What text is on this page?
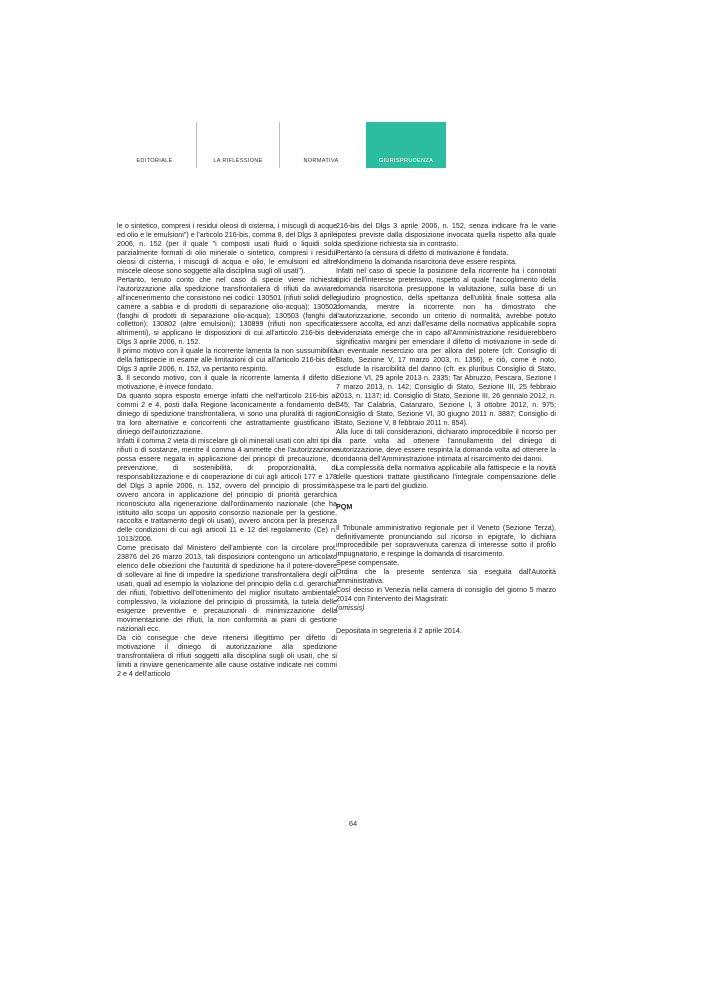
EDITORIALE	LA RIFLESSIONE	NORMATIVA	GIURISPRUDENZA

le o sintetico, compresi i residui oleosi di cisterna, i miscugli di acque ed olio e le emulsioni") e l'articolo 216-bis, comma 8, del Dlgs 3 aprile 2006, n. 152 (per il quale "i composti usati fluidi o liquidi solo parzialmente formati di olio minerale o sintetico, compresi i residui oleosi di cisterna, i miscugli di acqua e olio, le emulsioni ed altre miscele oleose sono soggette alla disciplina sugli oli usati").

Pertanto, tenuto conto che nel caso di specie viene richiesta l'autorizzazione alla spedizione transfrontaliera di rifiuti da avviare all'incenerimento che consistono nei codici: 130501 (rifiuti solidi delle camere a sabbia e di prodotti di separazione olio-acqua); 130502 (fanghi di prodotti di separazione olio-acqua); 130503 (fanghi da collettori); 130802 (altre emulsioni); 130899 (rifiuti non specificati altrimenti), si applicano le disposizioni di cui all'articolo 216-bis del Dlgs 3 aprile 2006, n. 152.

Il primo motivo con il quale la ricorrente lamenta la non sussumibilità della fattispecie in esame alle limitazioni di cui all'articolo 216-bis del Dlgs 3 aprile 2006, n. 152, va pertanto respinto.

3. Il secondo motivo, con il quale la ricorrente lamenta il difetto di motivazione, è invece fondato.

Da quanto sopra esposto emerge infatti che nell'articolo 216-bis ai commi 2 e 4, posti dalla Regione laconicamente a fondamento del diniego di spedizione transfrontaliera, vi sono una pluralità di ragioni tra loro alternative e concorrenti che astrattamente giustificano il diniego dell'autorizzazione.

Infatti il comma 2 vieta di miscelare gli oli minerali usati con altri tipi di rifiuti o di sostanze, mentre il comma 4 ammette che l'autorizzazione possa essere negata in applicazione dei principi di precauzione, di prevenzione, di sostenibilità, di proporzionalità, di responsabilizzazione e di cooperazione di cui agli articoli 177 e 178 del Dlgs 3 aprile 2006, n. 152, ovvero del principio di prossimità, ovvero ancora in applicazione del principio di priorità gerarchica riconosciuto alla rigenerazione dall'ordinamento nazionale (che ha istituito allo scopo un apposito consorzio nazionale per la gestione, raccolta e trattamento degli oli usati), ovvero ancora per la presenza delle condizioni di cui agli articoli 11 e 12 del regolamento (Ce) n. 1013/2006.

Come precisato dal Ministero dell'ambiente con la circolare prot. 23876 del 26 marzo 2013, tali disposizioni contengono un articolato elenco delle obiezioni che l'autorità di spedizione ha il potere-dovere di sollevare al fine di impedire la spedizione transfrontaliera degli oli usati, quali ad esempio la violazione del principio della c.d. gerarchia dei rifiuti, l'obiettivo dell'ottenimento del miglior risultato ambientale complessivo, la violazione del principio di prossimità, la tutela delle esigenze preventive e precauzionali di minimizzazione della movimentazione dei rifiuti, la non conformità ai piani di gestione nazionali ecc.

Da ciò consegue che deve ritenersi illegittimo per difetto di motivazione il diniego di autorizzazione alla spedizione transfrontaliera di rifiuti soggetti alla disciplina sugli oli usati, che si limiti a rinviare genericamente alle cause ostative indicate nei commi 2 e 4 dell'articolo

216-bis del Dlgs 3 aprile 2006, n. 152, senza indicare fra le varie ipotesi previste dalla disposizione invocata quella rispetto alla quale la spedizione richiesta sia in contrasto.

Pertanto la censura di difetto di motivazione è fondata.

Nondimeno la domanda risarcitoria deve essere respinta.

Infatti nel caso di specie la posizione della ricorrente ha i connotati tipici dell'interesse pretensivo, rispetto al quale l'accoglimento della domanda risarcitoria presuppone la valutazione, sulla base di un giudizio prognostico, della spettanza dell'utilità finale sottesa alla domanda, mentre la ricorrente non ha dimostrato che l'autorizzazione, secondo un criterio di normalità, avrebbe potuto essere accolta, ed anzi dall'esame della normativa applicabile sopra evidenziata emerge che in capo all'Amministrazione residuerebbero significativi margini per emendare il difetto di motivazione in sede di un eventuale riesercizio ora per allora del potere (cfr. Consiglio di Stato, Sezione V, 17 marzo 2003, n. 1356), e ciò, come è noto, esclude la risarcibilità del danno (cfr. ex pluribus Consiglio di Stato, Sezione VI, 29 aprile 2013 n. 2335; Tar Abruzzo, Pescara, Sezione I 7 marzo 2013, n. 142; Consiglio di Stato, Sezione III, 25 febbraio 2013, n. 1137; id. Consiglio di Stato, Sezione III, 26 gennaio 2012, n. 345; Tar Calabria, Catanzaro, Sezione I, 3 ottobre 2012, n. 975; Consiglio di Stato, Sezione VI, 30 giugno 2011 n. 3887; Consiglio di Stato, Sezione V, 8 febbraio 2011 n. 854).

Alla luce di tali considerazioni, dichiarato improcedibile il ricorso per la parte volta ad ottenere l'annullamento del diniego di autorizzazione, deve essere respinta la domanda volta ad ottenere la condanna dell'Amministrazione intimata al risarcimento dei danni.

La complessità della normativa applicabile alla fattispecie e la novità delle questioni trattate giustificano l'integrale compensazione delle spese tra le parti del giudizio.

PQM

Il Tribunale amministrativo regionale per il Veneto (Sezione Terza), definitivamente pronunciando sul ricorso in epigrafe, lo dichiara improcedibile per sopravvenuta carenza di interesse sotto il profilo impugnatorio, e respinge la domanda di risarcimento.

Spese compensate.

Ordina che la presente sentenza sia eseguita dall'Autorità amministrativa.

Così deciso in Venezia nella camera di consiglio del giorno 5 marzo 2014 con l'intervento dei Magistrati:

(omissis)

Depositata in segreteria il 2 aprile 2014.

64
